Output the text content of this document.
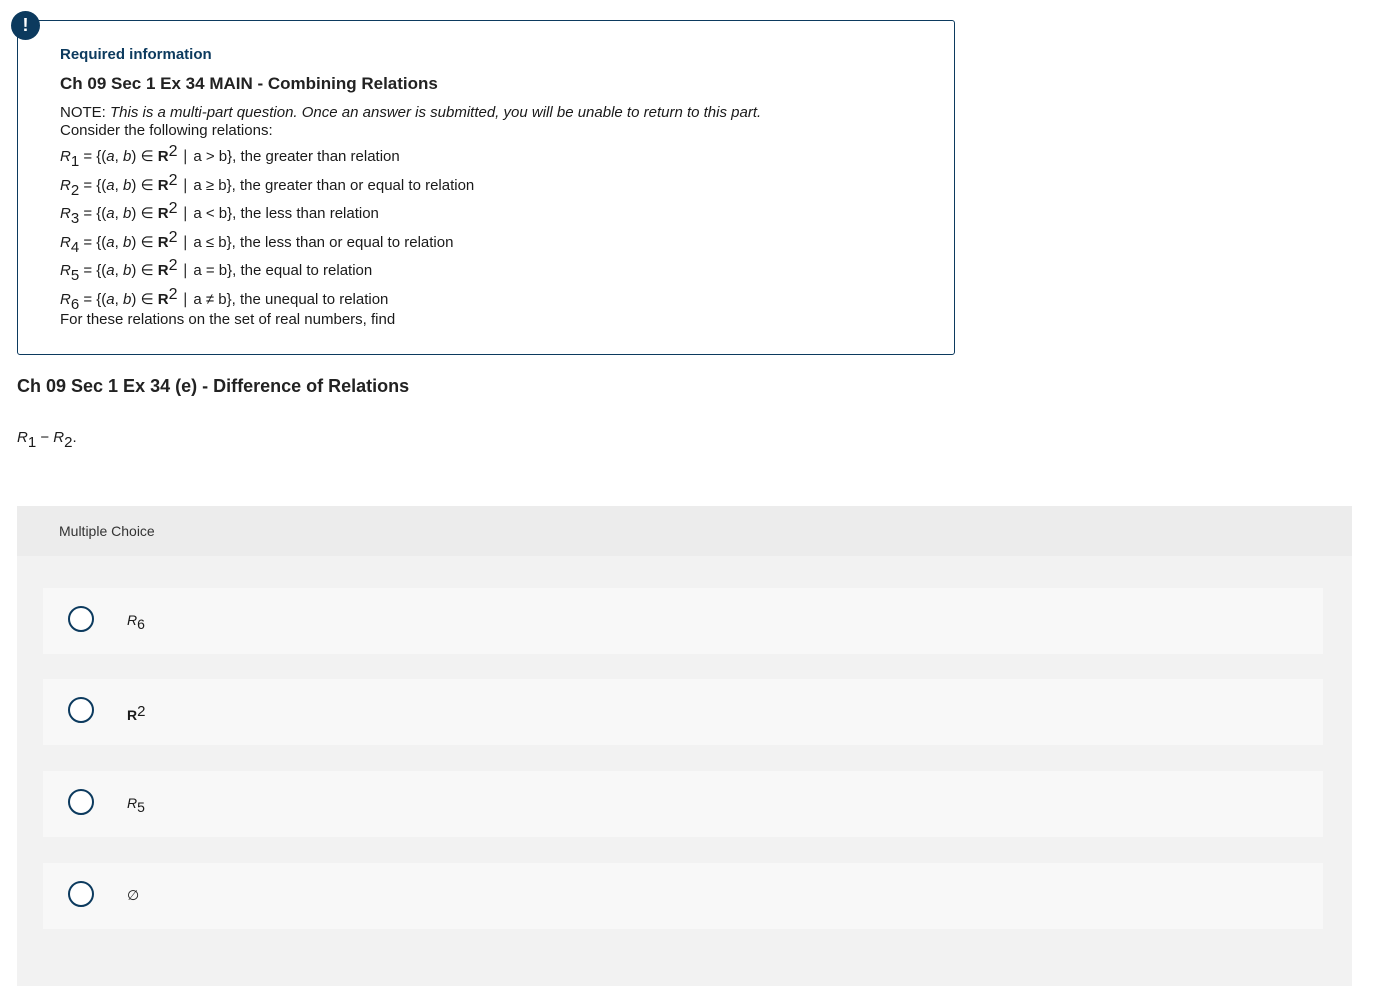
!
Required information
Ch 09 Sec 1 Ex 34 MAIN - Combining Relations
NOTE: This is a multi-part question. Once an answer is submitted, you will be unable to return to this part.
Consider the following relations:
$R_1 = \{(a$, b) ∈ $R^2$ ∣ a > b}, the greater than relation
$R_2 = \{(a$, b) ∈ $R^2$ ∣ a ≥ b}, the greater than or equal to relation
$R_3 = \{(a$, b) ∈ $R^2$ ∣ a < b}, the less than relation
$R_4 = \{(a$, b) ∈ $R^2$ ∣ a ≤ b}, the less than or equal to relation
$R_5 = \{(a$, b) ∈ $R^2$ ∣ a = b}, the equal to relation
$R_6 = \{(a$, b) ∈ $R^2$ ∣ a ≠ b}, the unequal to relation
For these relations on the set of real numbers, find
Ch 09 Sec 1 Ex 34 (e) - Difference of Relations
$R_1 - R_2$.
Multiple Choice
$R_6$
$R^2$
$R_5$
∅
